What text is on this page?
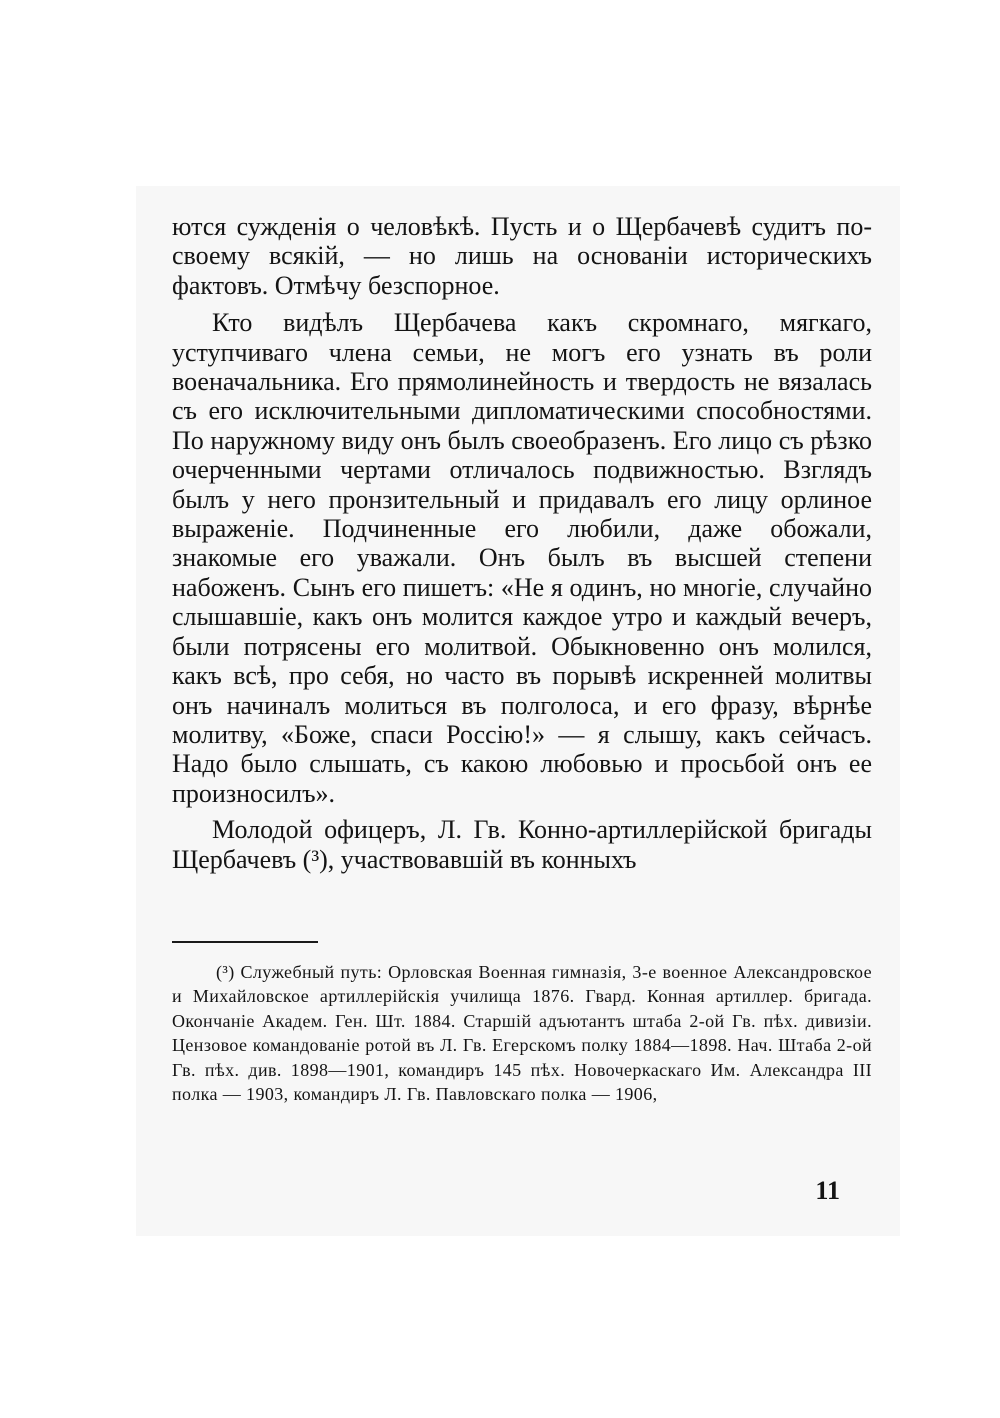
ются сужденія о человѣкѣ. Пусть и о Щербачевѣ судитъ по-своему всякій, — но лишь на основаніи историческихъ фактовъ. Отмѣчу безспорное.

Кто видѣлъ Щербачева какъ скромнаго, мягкаго, уступчиваго члена семьи, не могъ его узнать въ роли военачальника. Его прямолинейность и твердость не вязалась съ его исключительными дипломатическими способностями. По наружному виду онъ былъ своеобразенъ. Его лицо съ рѣзко очерченными чертами отличалось подвижностью. Взглядъ былъ у него пронзительный и придавалъ его лицу орлиное выраженіе. Подчиненные его любили, даже обожали, знакомые его уважали. Онъ былъ въ высшей степени набоженъ. Сынъ его пишетъ: «Не я одинъ, но многіе, случайно слышавшіе, какъ онъ молится каждое утро и каждый вечеръ, были потрясены его молитвой. Обыкновенно онъ молился, какъ всѣ, про себя, но часто въ порывѣ искренней молитвы онъ начиналъ молиться въ полголоса, и его фразу, вѣрнѣе молитву, «Боже, спаси Россію!» — я слышу, какъ сейчасъ. Надо было слышать, съ какою любовью и просьбой онъ ее произносилъ».

Молодой офицеръ, Л. Гв. Конно-артиллерійской бригады Щербачевъ (³), участвовавшій въ конныхъ

(³) Служебный путь: Орловская Военная гимназія, 3-е военное Александровское и Михайловское артиллерійскія училища 1876. Гвард. Конная артиллер. бригада. Окончаніе Академ. Ген. Шт. 1884. Старшій адъютантъ штаба 2-ой Гв. пѣх. дивизіи. Цензовое командованіе ротой въ Л. Гв. Егерскомъ полку 1884—1898. Нач. Штаба 2-ой Гв. пѣх. див. 1898—1901, командиръ 145 пѣх. Новочеркаскаго Им. Александра III полка — 1903, командиръ Л. Гв. Павловскаго полка — 1906,

11
